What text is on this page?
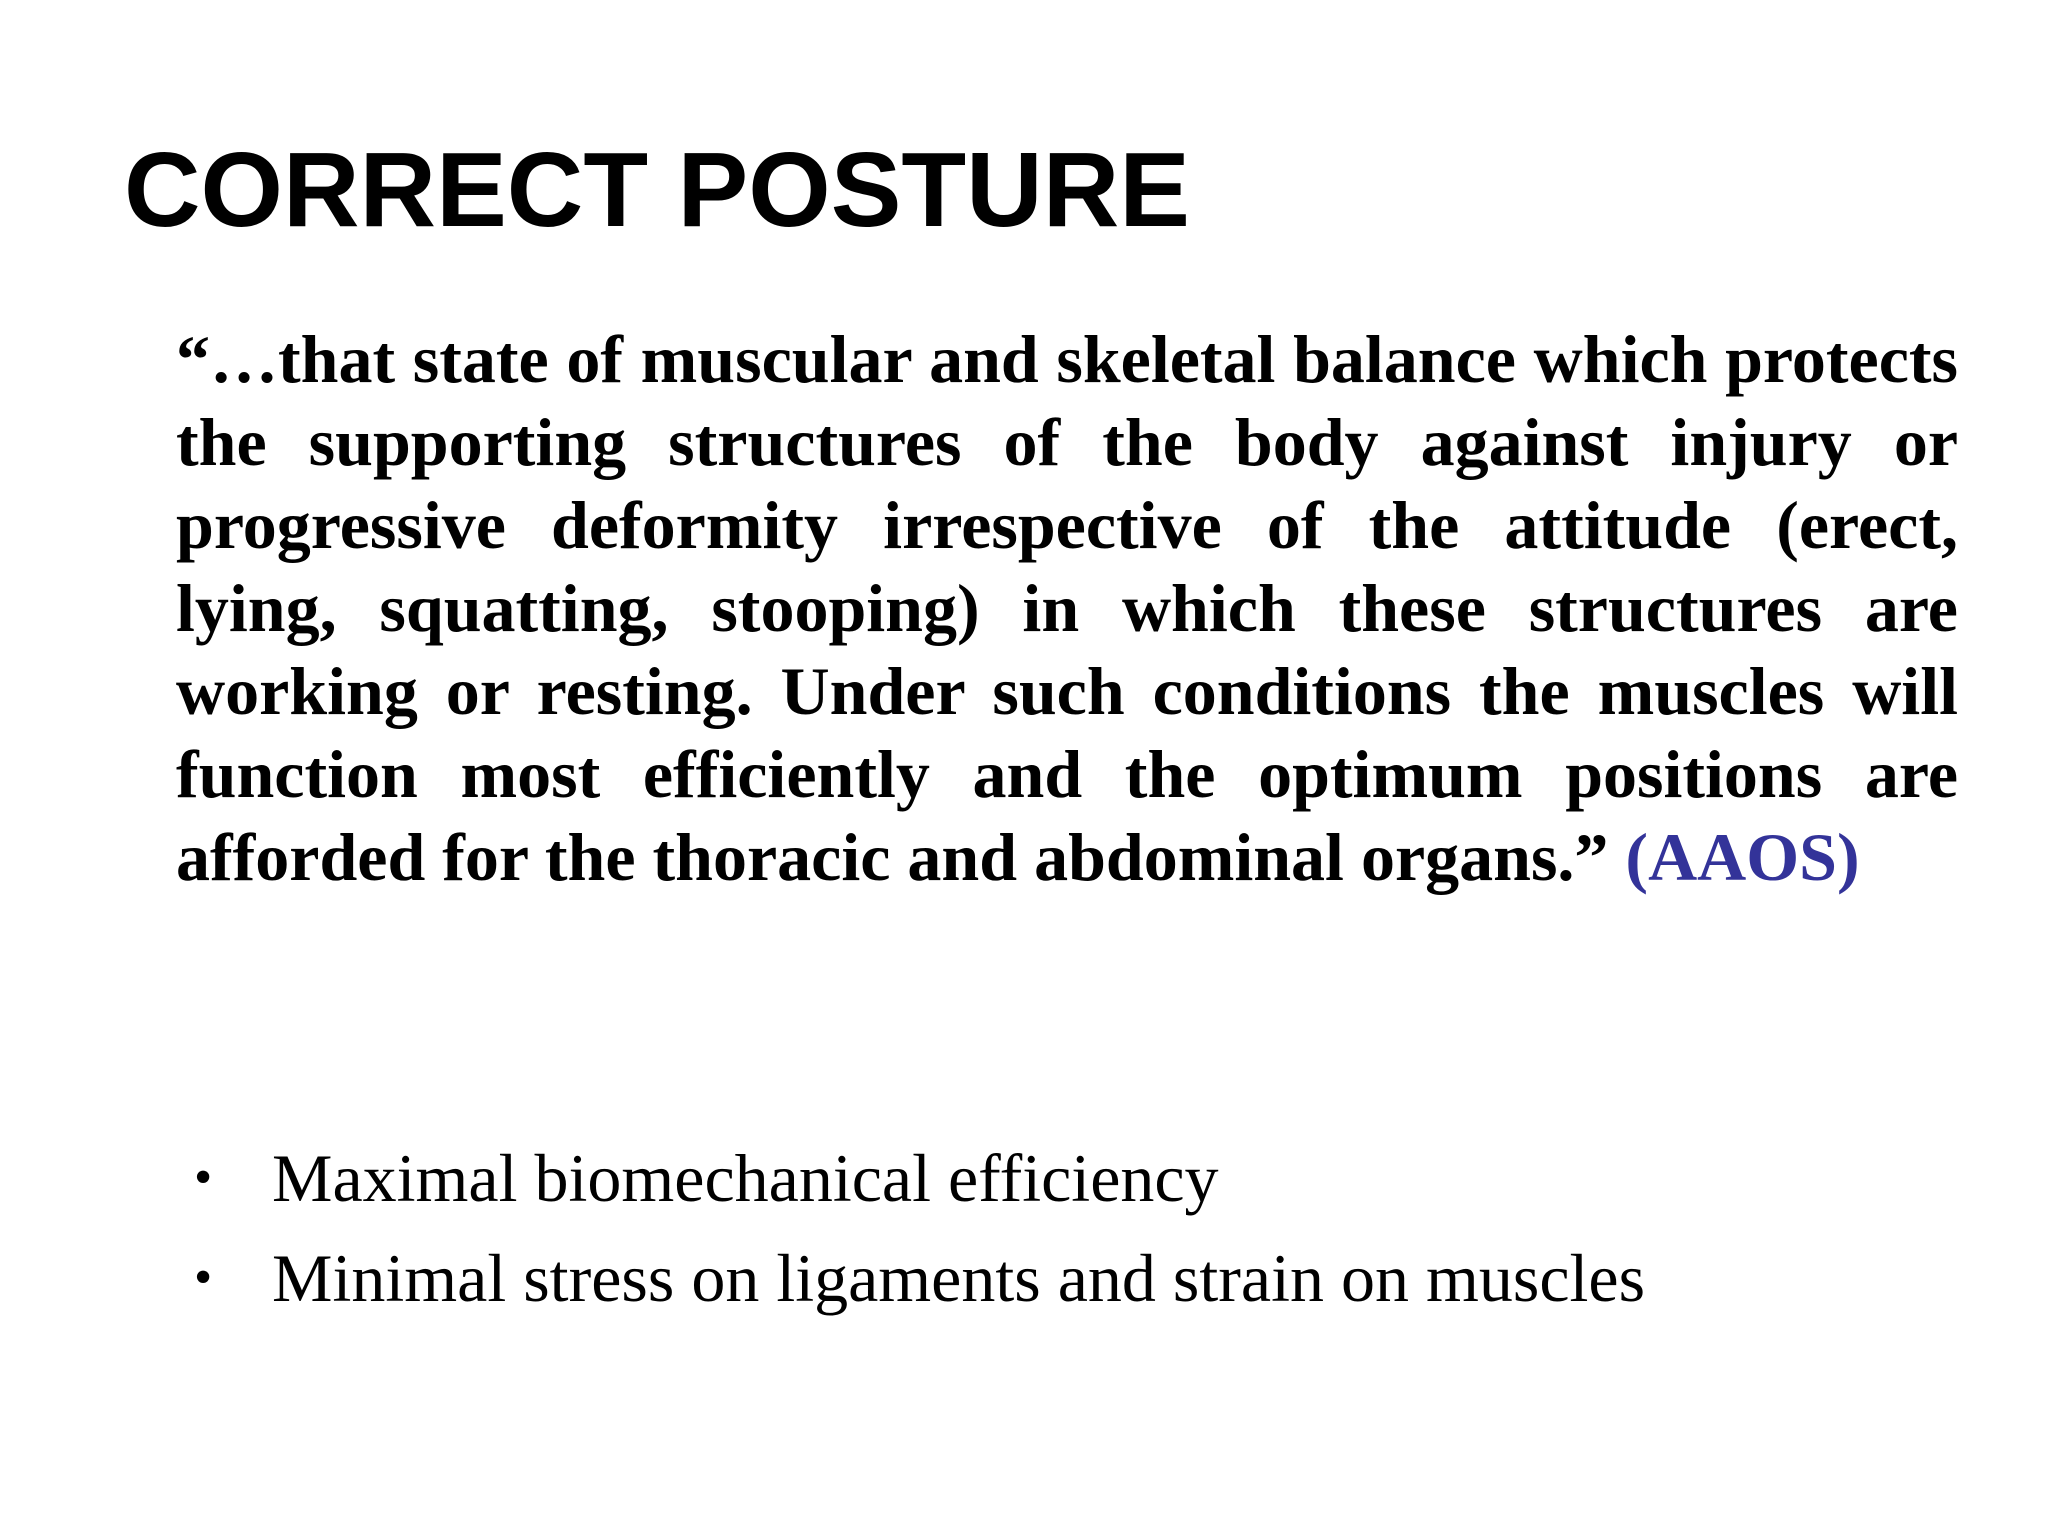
CORRECT POSTURE

“…that state of muscular and skeletal balance which protects the supporting structures of the body against injury or progressive deformity irrespective of the attitude (erect, lying, squatting, stooping) in which these structures are working or resting. Under such conditions the muscles will function most efficiently and the optimum positions are afforded for the thoracic and abdominal organs.” (AAOS)

• Maximal biomechanical efficiency
• Minimal stress on ligaments and strain on muscles
